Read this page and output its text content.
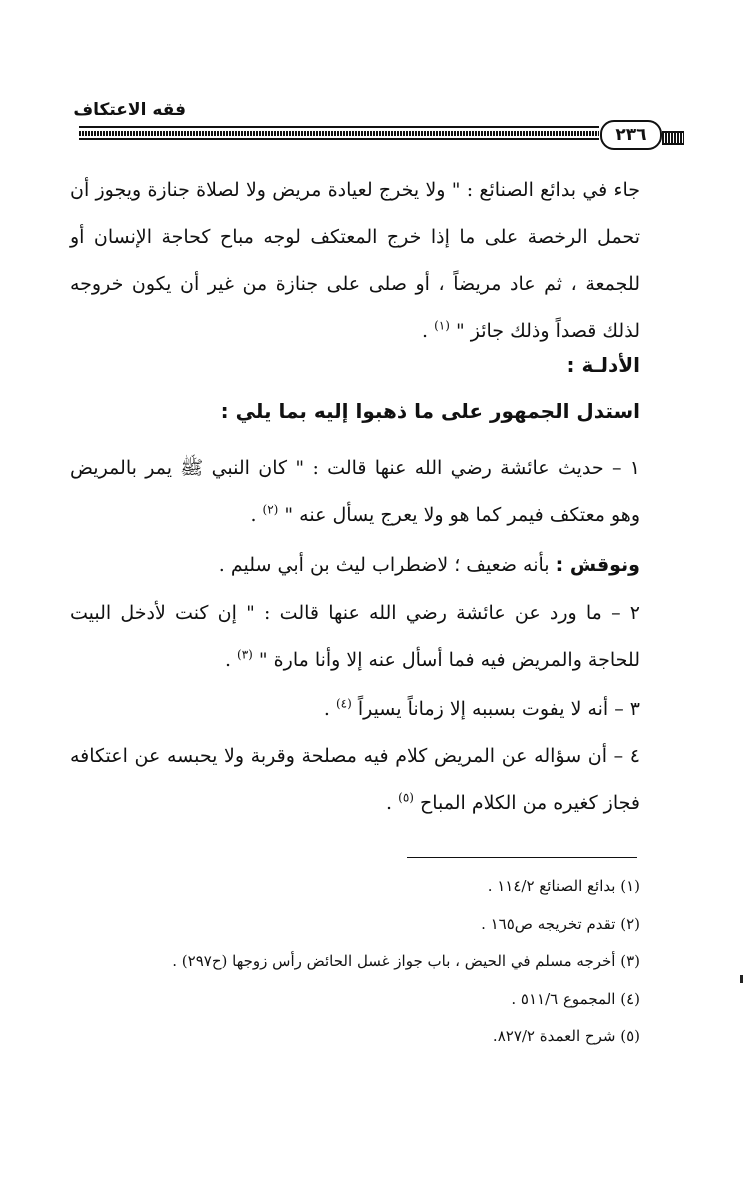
فقه الاعتكاف
٢٣٦
جاء في بدائع الصنائع : " ولا يخرج لعيادة مريض ولا لصلاة جنازة ويجوز أن تحمل الرخصة على ما إذا خرج المعتكف لوجه مباح كحاجة الإنسان أو للجمعة ، ثم عاد مريضاً ، أو صلى على جنازة من غير أن يكون خروجه لذلك قصداً وذلك جائز " $^{(١)}$ .
الأدلـة :
استدل الجمهور على ما ذهبوا إليه بما يلي :
١ – حديث عائشة رضي الله عنها قالت : " كان النبي ﷺ يمر بالمريض وهو معتكف فيمر كما هو ولا يعرج يسأل عنه " $^{(٢)}$ .
ونوقش : بأنه ضعيف ؛ لاضطراب ليث بن أبي سليم .
٢ – ما ورد عن عائشة رضي الله عنها قالت : " إن كنت لأدخل البيت للحاجة والمريض فيه فما أسأل عنه إلا وأنا مارة " $^{(٣)}$ .
٣ – أنه لا يفوت بسببه إلا زماناً يسيراً $^{(٤)}$ .
٤ – أن سؤاله عن المريض كلام فيه مصلحة وقربة ولا يحبسه عن اعتكافه فجاز كغيره من الكلام المباح $^{(٥)}$ .
(١) بدائع الصنائع ١١٤/٢ .
(٢) تقدم تخريجه ص١٦٥ .
(٣) أخرجه مسلم في الحيض ، باب جواز غسل الحائض رأس زوجها (ح٢٩٧) .
(٤) المجموع ٥١١/٦ .
(٥) شرح العمدة ٨٢٧/٢.
